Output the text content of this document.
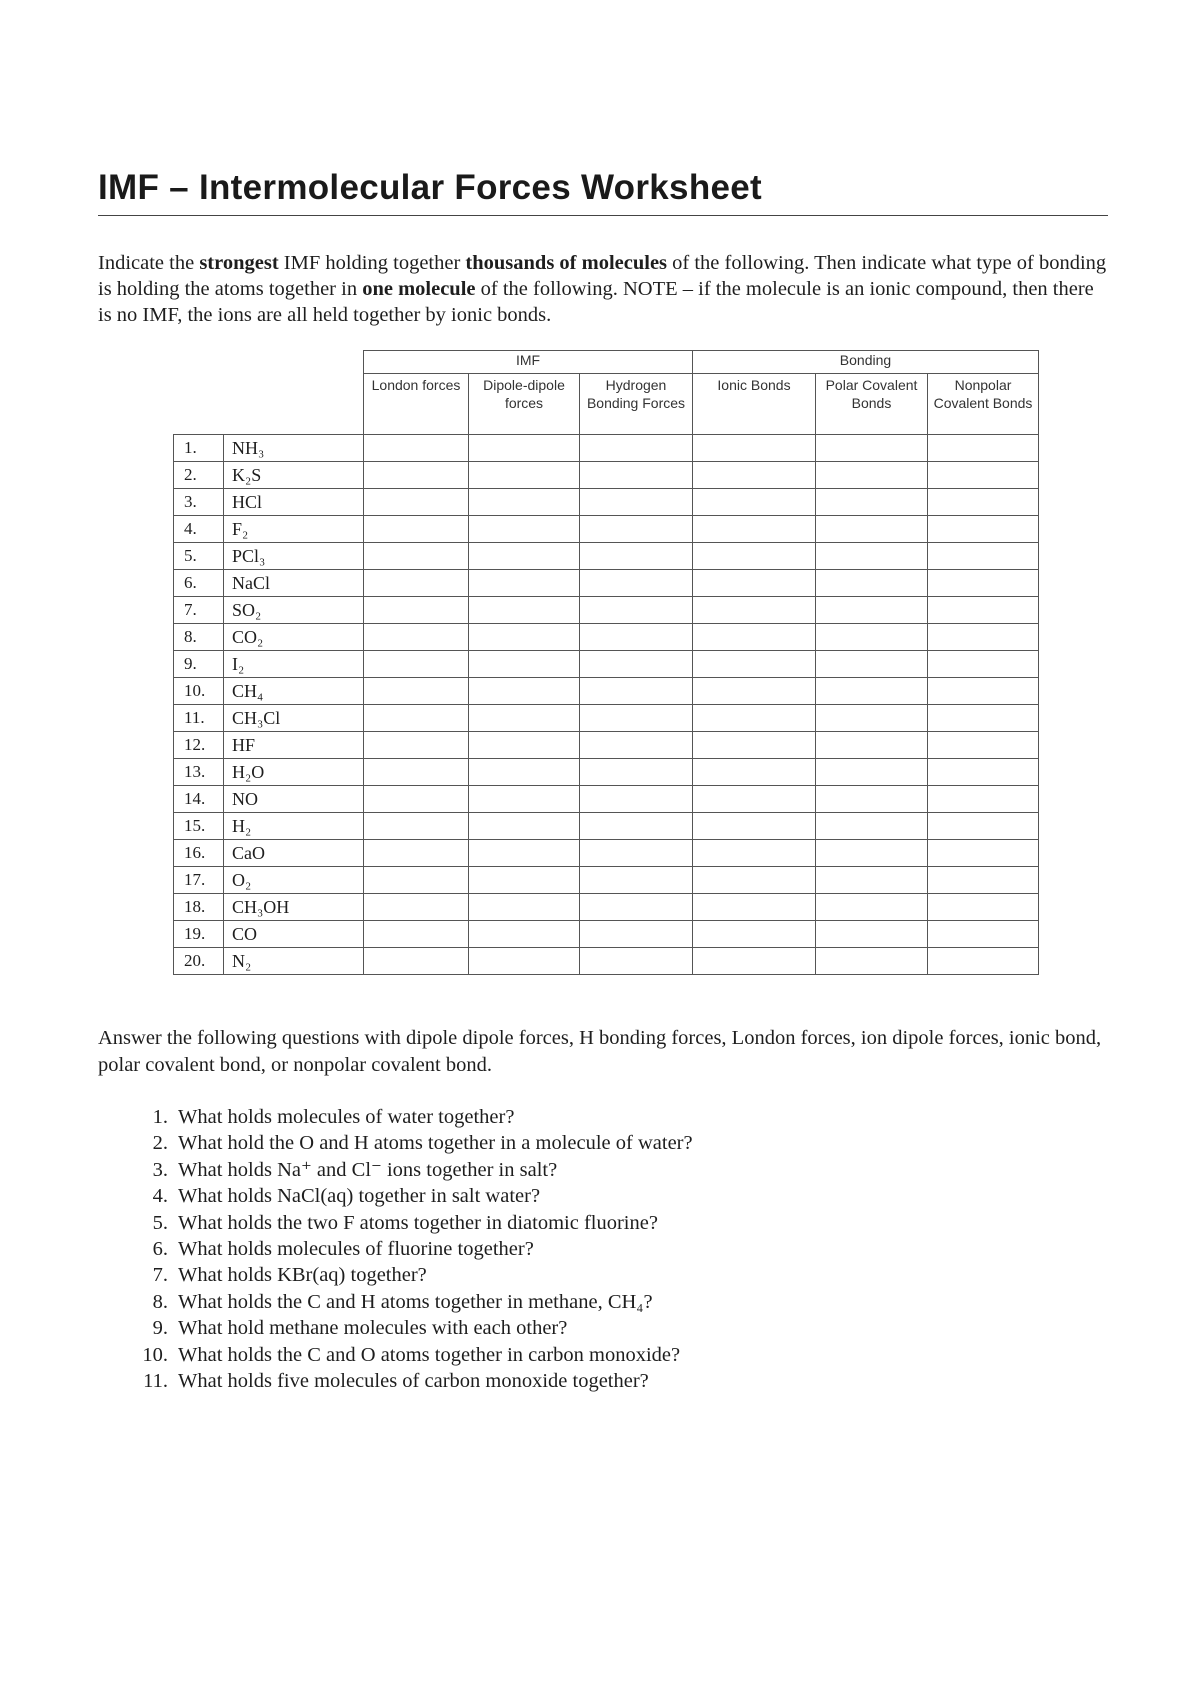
IMF – Intermolecular Forces Worksheet

Indicate the strongest IMF holding together thousands of molecules of the following. Then indicate what type of bonding is holding the atoms together in one molecule of the following. NOTE – if the molecule is an ionic compound, then there is no IMF, the ions are all held together by ionic bonds.

		IMF			Bonding		
		London forces	Dipole-dipole forces	Hydrogen Bonding Forces	Ionic Bonds	Polar Covalent Bonds	Nonpolar Covalent Bonds
1.	NH₃						
2.	K₂S						
3.	HCl						
4.	F₂						
5.	PCl₃						
6.	NaCl						
7.	SO₂						
8.	CO₂						
9.	I₂						
10.	CH₄						
11.	CH₃Cl						
12.	HF						
13.	H₂O						
14.	NO						
15.	H₂						
16.	CaO						
17.	O₂						
18.	CH₃OH						
19.	CO						
20.	N₂						

Answer the following questions with dipole dipole forces, H bonding forces, London forces, ion dipole forces, ionic bond, polar covalent bond, or nonpolar covalent bond.

1. What holds molecules of water together?
2. What hold the O and H atoms together in a molecule of water?
3. What holds Na⁺ and Cl⁻ ions together in salt?
4. What holds NaCl(aq) together in salt water?
5. What holds the two F atoms together in diatomic fluorine?
6. What holds molecules of fluorine together?
7. What holds KBr(aq) together?
8. What holds the C and H atoms together in methane, CH₄?
9. What hold methane molecules with each other?
10. What holds the C and O atoms together in carbon monoxide?
11. What holds five molecules of carbon monoxide together?
